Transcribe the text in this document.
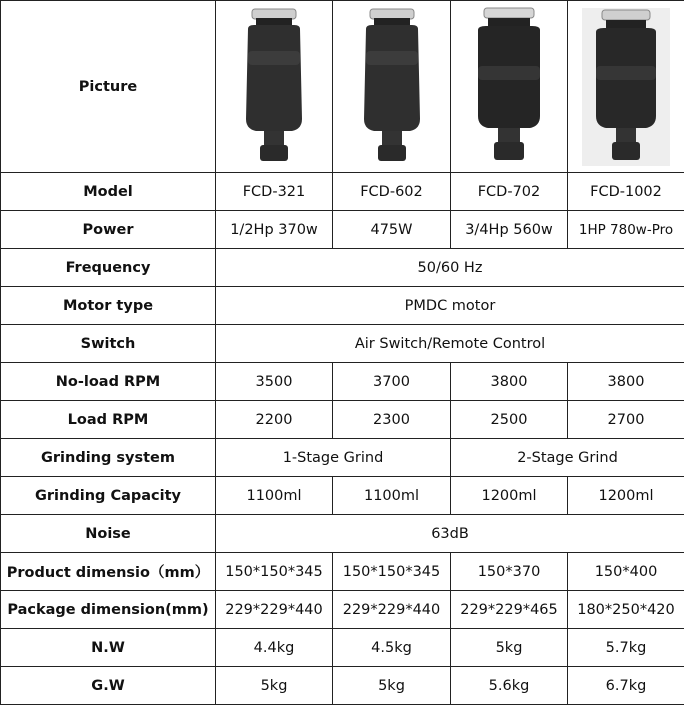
Picture	

Model	FCD-321	FCD-602	FCD-702	FCD-1002
Power	1/2Hp 370w	475W	3/4Hp 560w	1HP 780w-Pro
Frequency	50/60 Hz			
Motor type	PMDC motor			
Switch	Air Switch/Remote Control			
No-load RPM	3500	3700	3800	3800
Load RPM	2200	2300	2500	2700
Grinding system	1-Stage Grind		2-Stage Grind	
Grinding Capacity	1100ml	1100ml	1200ml	1200ml
Noise	63dB			
Product dimensio（mm）	150*150*345	150*150*345	150*370	150*400
Package dimension(mm)	229*229*440	229*229*440	229*229*465	180*250*420
N.W	4.4kg	4.5kg	5kg	5.7kg
G.W	5kg	5kg	5.6kg	6.7kg
